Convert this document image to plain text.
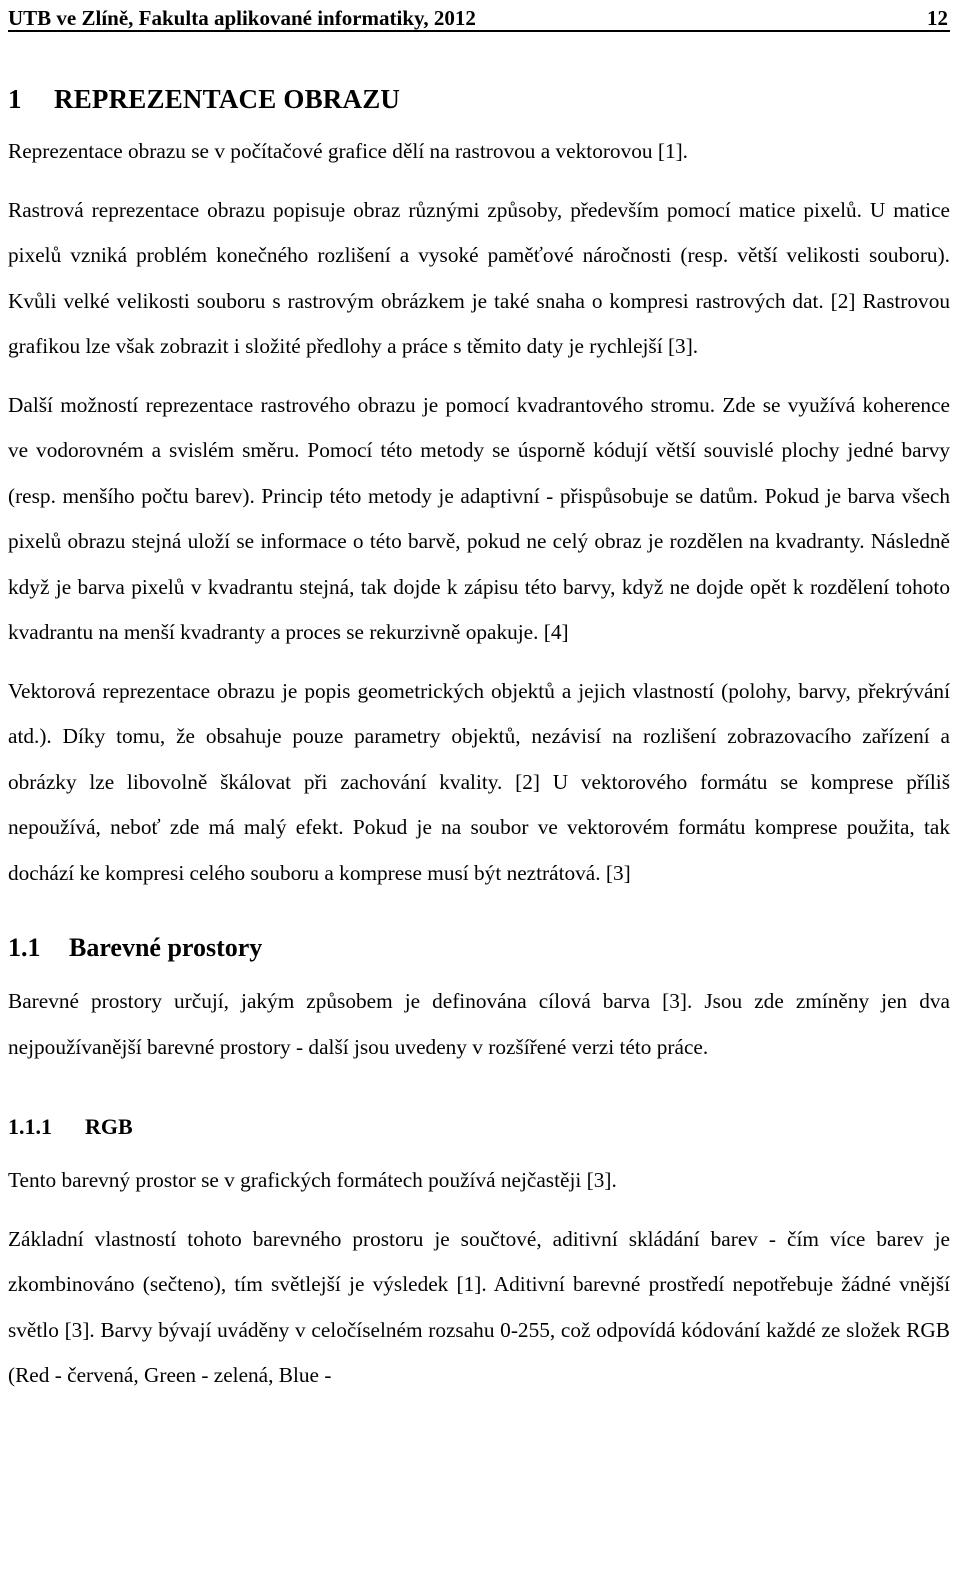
UTB ve Zlíně, Fakulta aplikované informatiky, 2012	12
1 REPREZENTACE OBRAZU

Reprezentace obrazu se v počítačové grafice dělí na rastrovou a vektorovou [1].

Rastrová reprezentace obrazu popisuje obraz různými způsoby, především pomocí matice pixelů. U matice pixelů vzniká problém konečného rozlišení a vysoké paměťové náročnosti (resp. větší velikosti souboru). Kvůli velké velikosti souboru s rastrovým obrázkem je také snaha o kompresi rastrových dat. [2] Rastrovou grafikou lze však zobrazit i složité předlohy a práce s těmito daty je rychlejší [3].

Další možností reprezentace rastrového obrazu je pomocí kvadrantového stromu. Zde se využívá koherence ve vodorovném a svislém směru. Pomocí této metody se úsporně kódují větší souvislé plochy jedné barvy (resp. menšího počtu barev). Princip této metody je adaptivní - přispůsobuje se datům. Pokud je barva všech pixelů obrazu stejná uloží se informace o této barvě, pokud ne celý obraz je rozdělen na kvadranty. Následně když je barva pixelů v kvadrantu stejná, tak dojde k zápisu této barvy, když ne dojde opět k rozdělení tohoto kvadrantu na menší kvadranty a proces se rekurzivně opakuje. [4]

Vektorová reprezentace obrazu je popis geometrických objektů a jejich vlastností (polohy, barvy, překrývání atd.). Díky tomu, že obsahuje pouze parametry objektů, nezávisí na rozlišení zobrazovacího zařízení a obrázky lze libovolně škálovat při zachování kvality. [2] U vektorového formátu se komprese příliš nepoužívá, neboť zde má malý efekt. Pokud je na soubor ve vektorovém formátu komprese použita, tak dochází ke kompresi celého souboru a komprese musí být neztrátová. [3]

1.1 Barevné prostory

Barevné prostory určují, jakým způsobem je definována cílová barva [3]. Jsou zde zmíněny jen dva nejpoužívanější barevné prostory - další jsou uvedeny v rozšířené verzi této práce.

1.1.1 RGB

Tento barevný prostor se v grafických formátech používá nejčastěji [3].

Základní vlastností tohoto barevného prostoru je součtové, aditivní skládání barev - čím více barev je zkombinováno (sečteno), tím světlejší je výsledek [1]. Aditivní barevné prostředí nepotřebuje žádné vnější světlo [3]. Barvy bývají uváděny v celočíselném rozsahu 0-255, což odpovídá kódování každé ze složek RGB (Red - červená, Green - zelená, Blue -
